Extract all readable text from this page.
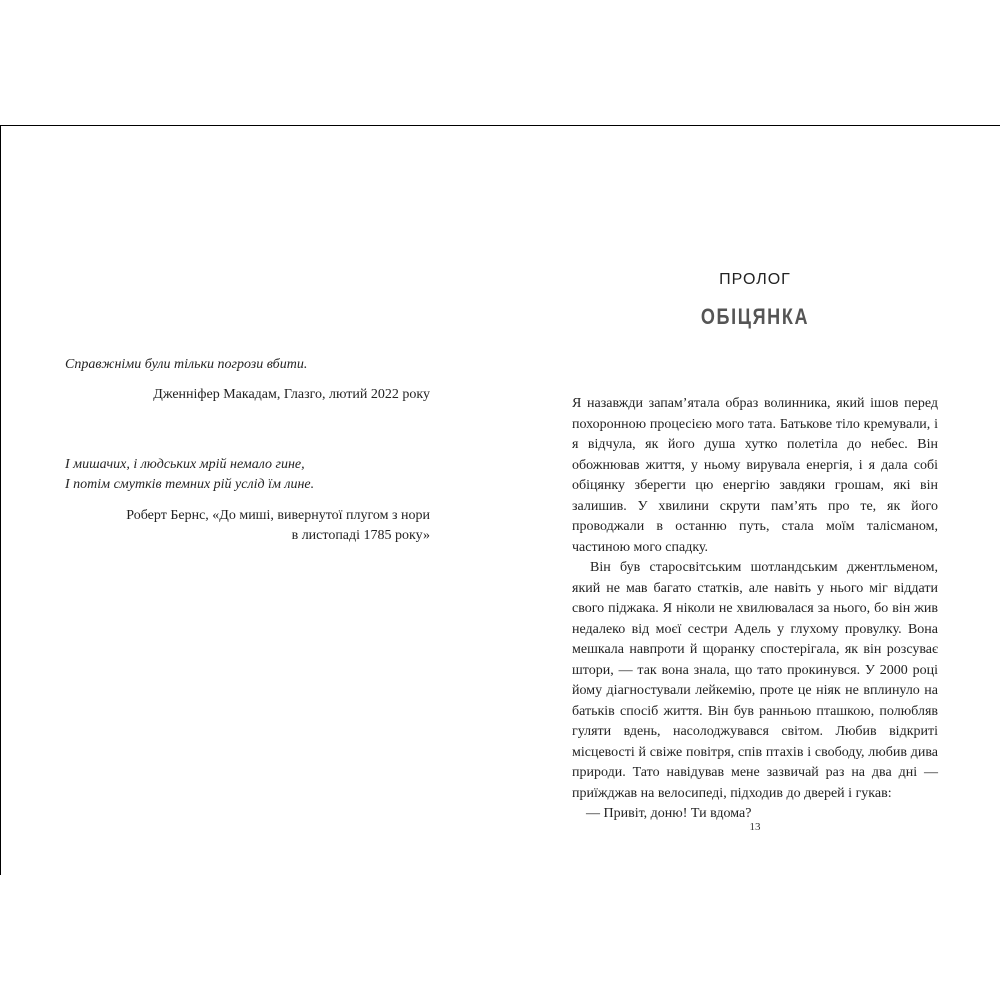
Справжніми були тільки погрози вбити.
Дженніфер Макадам, Глазго, лютий 2022 року
І мишачих, і людських мрій немало гине,
І потім смутків темних рій услід їм лине.
Роберт Бернс, «До миші, вивернутої плугом з нори
в листопаді 1785 року»
ПРОЛОГ
ОБІЦЯНКА

Я назавжди запам’ятала образ волинника, який ішов перед похоронною процесією мого тата. Батькове тіло кремували, і я відчула, як його душа хутко полетіла до небес. Він обожнював життя, у ньому вирувала енергія, і я дала собі обіцянку зберегти цю енергію завдяки грошам, які він залишив. У хвилини скрути пам’ять про те, як його проводжали в останню путь, стала моїм талісманом, частиною мого спадку.

Він був старосвітським шотландським джентльменом, який не мав багато статків, але навіть у нього міг віддати свого піджака. Я ніколи не хвилювалася за нього, бо він жив недалеко від моєї сестри Адель у глухому провулку. Вона мешкала навпроти й щоранку спостерігала, як він розсуває штори, — так вона знала, що тато прокинувся. У 2000 році йому діагностували лейкемію, проте це ніяк не вплинуло на батьків спосіб життя. Він був ранньою пташкою, полюбляв гуляти вдень, насолоджувався світом. Любив відкриті місцевості й свіже повітря, спів птахів і свободу, любив дива природи. Тато навідував мене зазвичай раз на два дні — приїжджав на велосипеді, підходив до дверей і гукав:

— Привіт, доню! Ти вдома?

13
